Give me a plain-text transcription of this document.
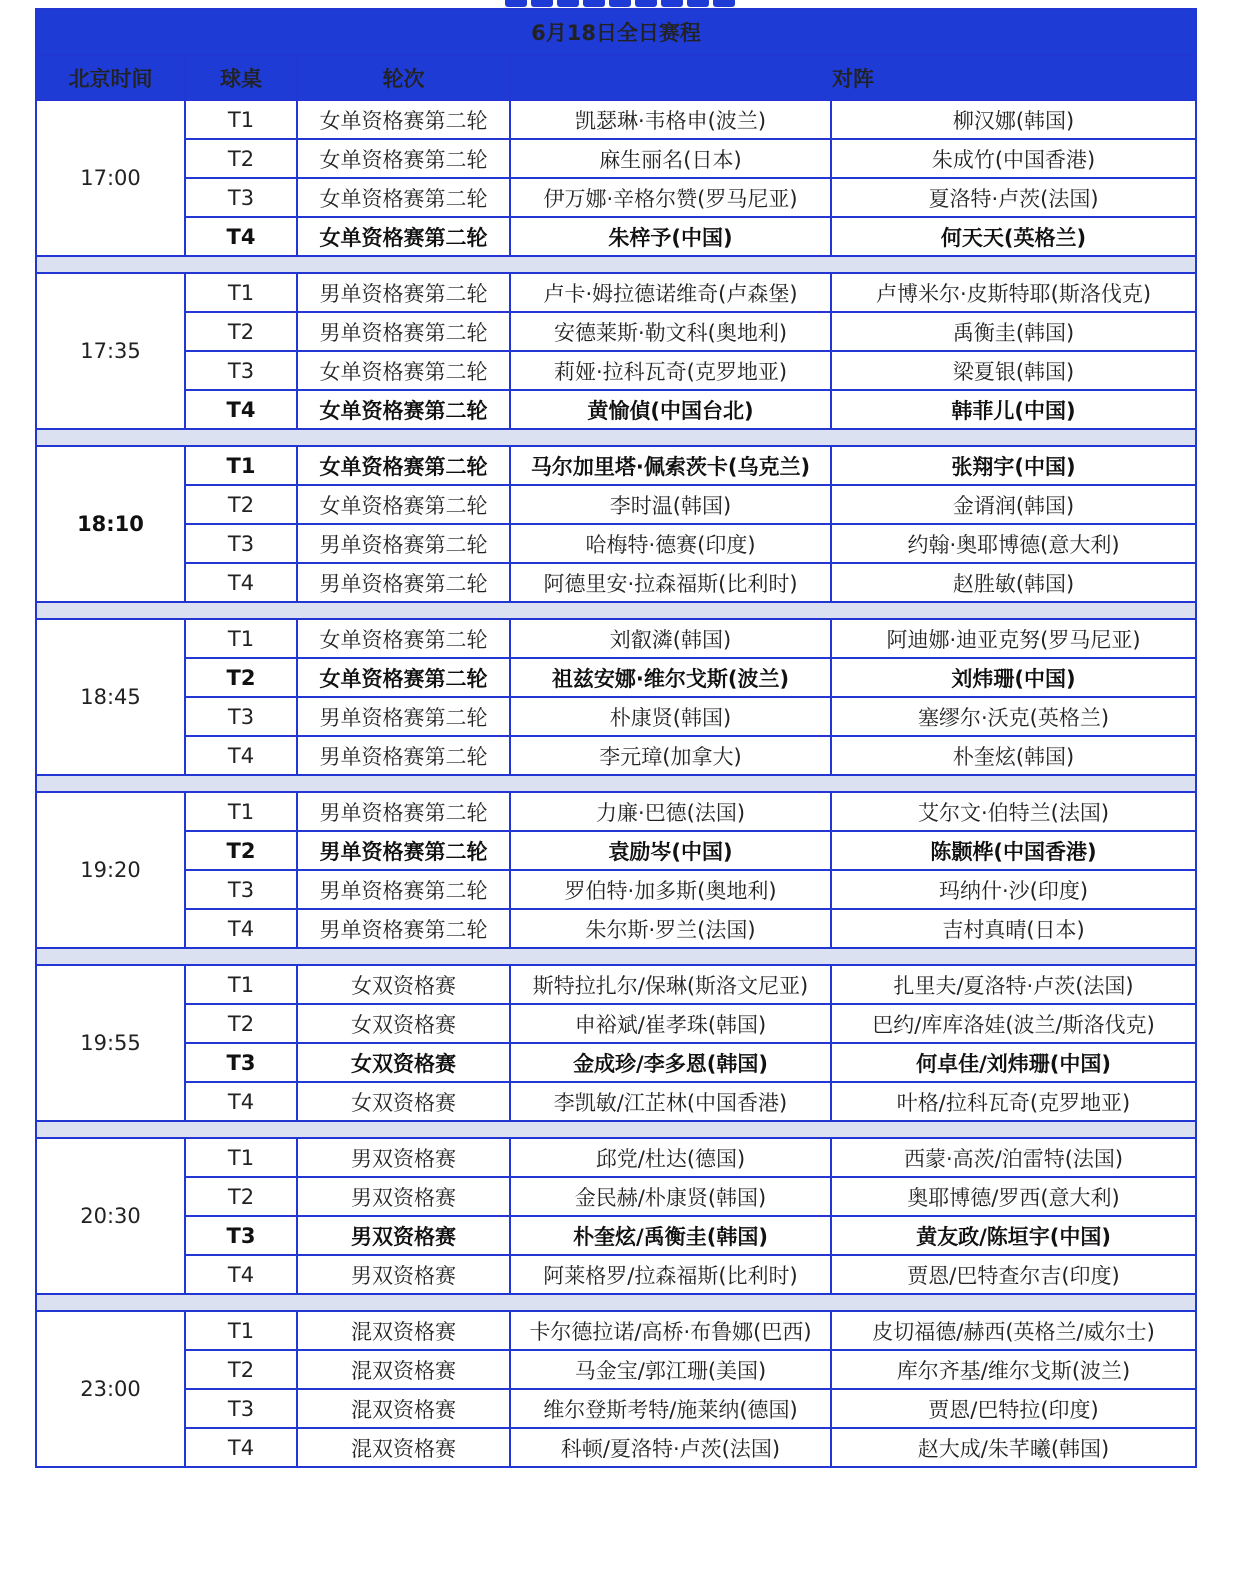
6月18日全日赛程				
北京时间	球桌	轮次	对阵	
17:00	T1	女单资格赛第二轮	凯瑟琳·韦格申(波兰)	柳汉娜(韩国)
	T2	女单资格赛第二轮	麻生丽名(日本)	朱成竹(中国香港)
	T3	女单资格赛第二轮	伊万娜·辛格尔赞(罗马尼亚)	夏洛特·卢茨(法国)
	T4	女单资格赛第二轮	朱梓予(中国)	何天天(英格兰)

17:35	T1	男单资格赛第二轮	卢卡·姆拉德诺维奇(卢森堡)	卢博米尔·皮斯特耶(斯洛伐克)
	T2	男单资格赛第二轮	安德莱斯·勒文科(奥地利)	禹衡圭(韩国)
	T3	女单资格赛第二轮	莉娅·拉科瓦奇(克罗地亚)	梁夏银(韩国)
	T4	女单资格赛第二轮	黄愉偵(中国台北)	韩菲儿(中国)

18:10	T1	女单资格赛第二轮	马尔加里塔·佩索茨卡(乌克兰)	张翔宇(中国)
	T2	女单资格赛第二轮	李时温(韩国)	金谞润(韩国)
	T3	男单资格赛第二轮	哈梅特·德赛(印度)	约翰·奥耶博德(意大利)
	T4	男单资格赛第二轮	阿德里安·拉森福斯(比利时)	赵胜敏(韩国)

18:45	T1	女单资格赛第二轮	刘叡潾(韩国)	阿迪娜·迪亚克努(罗马尼亚)
	T2	女单资格赛第二轮	祖兹安娜·维尔戈斯(波兰)	刘炜珊(中国)
	T3	男单资格赛第二轮	朴康贤(韩国)	塞缪尔·沃克(英格兰)
	T4	男单资格赛第二轮	李元璋(加拿大)	朴奎炫(韩国)

19:20	T1	男单资格赛第二轮	力廉·巴德(法国)	艾尔文·伯特兰(法国)
	T2	男单资格赛第二轮	袁励岑(中国)	陈颢桦(中国香港)
	T3	男单资格赛第二轮	罗伯特·加多斯(奥地利)	玛纳什·沙(印度)
	T4	男单资格赛第二轮	朱尔斯·罗兰(法国)	吉村真晴(日本)

19:55	T1	女双资格赛	斯特拉扎尔/保琳(斯洛文尼亚)	扎里夫/夏洛特·卢茨(法国)
	T2	女双资格赛	申裕斌/崔孝珠(韩国)	巴约/库库洛娃(波兰/斯洛伐克)
	T3	女双资格赛	金成珍/李多恩(韩国)	何卓佳/刘炜珊(中国)
	T4	女双资格赛	李凯敏/江芷林(中国香港)	叶格/拉科瓦奇(克罗地亚)

20:30	T1	男双资格赛	邱党/杜达(德国)	西蒙·高茨/泊雷特(法国)
	T2	男双资格赛	金民赫/朴康贤(韩国)	奥耶博德/罗西(意大利)
	T3	男双资格赛	朴奎炫/禹衡圭(韩国)	黄友政/陈垣宇(中国)
	T4	男双资格赛	阿莱格罗/拉森福斯(比利时)	贾恩/巴特查尔吉(印度)

23:00	T1	混双资格赛	卡尔德拉诺/高桥·布鲁娜(巴西)	皮切福德/赫西(英格兰/威尔士)
	T2	混双资格赛	马金宝/郭江珊(美国)	库尔齐基/维尔戈斯(波兰)
	T3	混双资格赛	维尔登斯考特/施莱纳(德国)	贾恩/巴特拉(印度)
	T4	混双资格赛	科顿/夏洛特·卢茨(法国)	赵大成/朱芊曦(韩国)
